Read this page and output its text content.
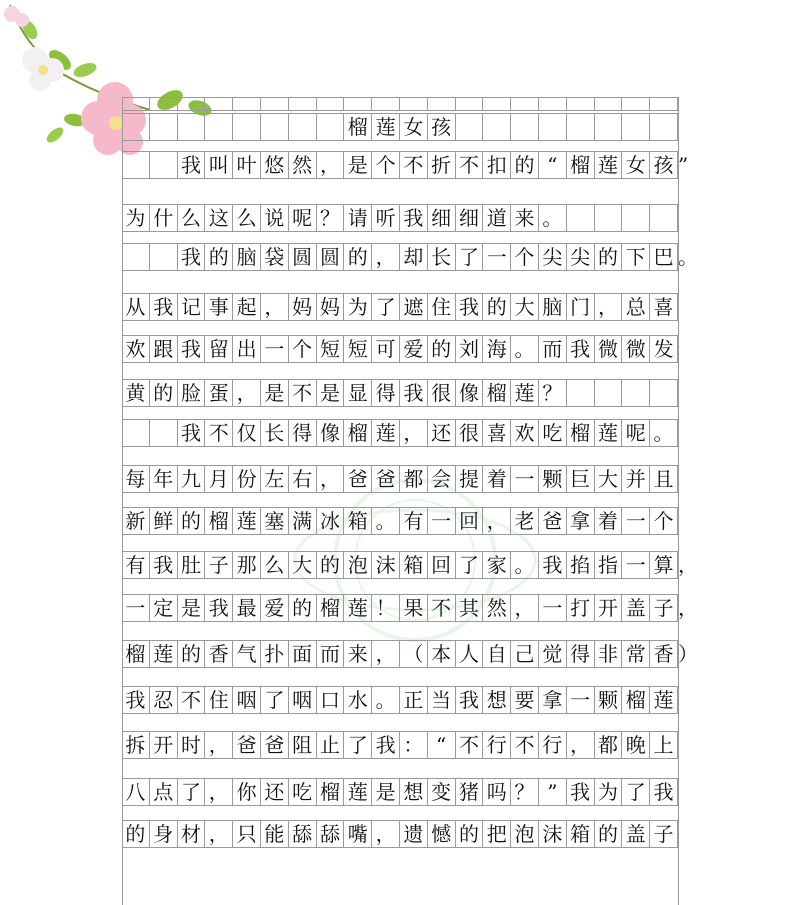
榴 莲 女 孩
我 叫 叶 悠 然 ， 是 个 不 折 不 扣 的 “ 榴 莲 女 孩 ”
为 什 么 这 么 说 呢 ？ 请 听 我 细 细 道 来 。
我 的 脑 袋 圆 圆 的 ， 却 长 了 一 个 尖 尖 的 下 巴 。
从 我 记 事 起 ， 妈 妈 为 了 遮 住 我 的 大 脑 门 ， 总 喜
欢 跟 我 留 出 一 个 短 短 可 爱 的 刘 海 。 而 我 微 微 发
黄 的 脸 蛋 ， 是 不 是 显 得 我 很 像 榴 莲 ？
我 不 仅 长 得 像 榴 莲 ， 还 很 喜 欢 吃 榴 莲 呢 。
每 年 九 月 份 左 右 ， 爸 爸 都 会 提 着 一 颗 巨 大 并 且
新 鲜 的 榴 莲 塞 满 冰 箱 。 有 一 回 ， 老 爸 拿 着 一 个
有 我 肚 子 那 么 大 的 泡 沫 箱 回 了 家 。 我 掐 指 一 算 ，
一 定 是 我 最 爱 的 榴 莲 ！ 果 不 其 然 ， 一 打 开 盖 子 ，
榴 莲 的 香 气 扑 面 而 来 ， （ 本 人 自 己 觉 得 非 常 香 ）
我 忍 不 住 咽 了 咽 口 水 。 正 当 我 想 要 拿 一 颗 榴 莲
拆 开 时 ， 爸 爸 阻 止 了 我 ： “ 不 行 不 行 ， 都 晚 上
八 点 了 ， 你 还 吃 榴 莲 是 想 变 猪 吗 ？ ” 我 为 了 我
的 身 材 ， 只 能 舔 舔 嘴 ， 遗 憾 的 把 泡 沫 箱 的 盖 子
